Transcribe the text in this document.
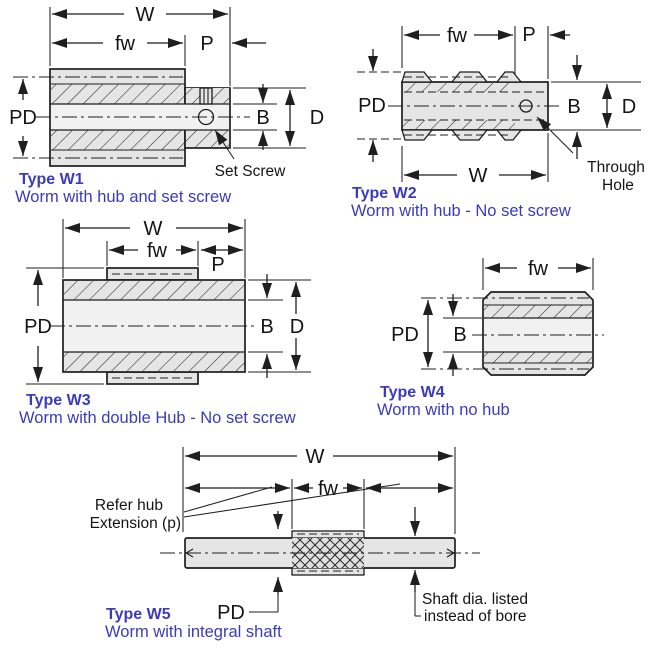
W
fw	P
PD	B D
Set Screw
Type W1
Worm with hub and set screw
fw	P
PD	B D
W	Through
Hole
Type W2
Worm with hub - No set screw
W
fw
P
PD	B D
Type W3
Worm with double Hub - No set screw
fw
PD B
Type W4
Worm with no hub
W
fw
PD
Shaft dia. listed
instead of bore
Refer hub
Extension (p)
Type W5
Worm with integral shaft
